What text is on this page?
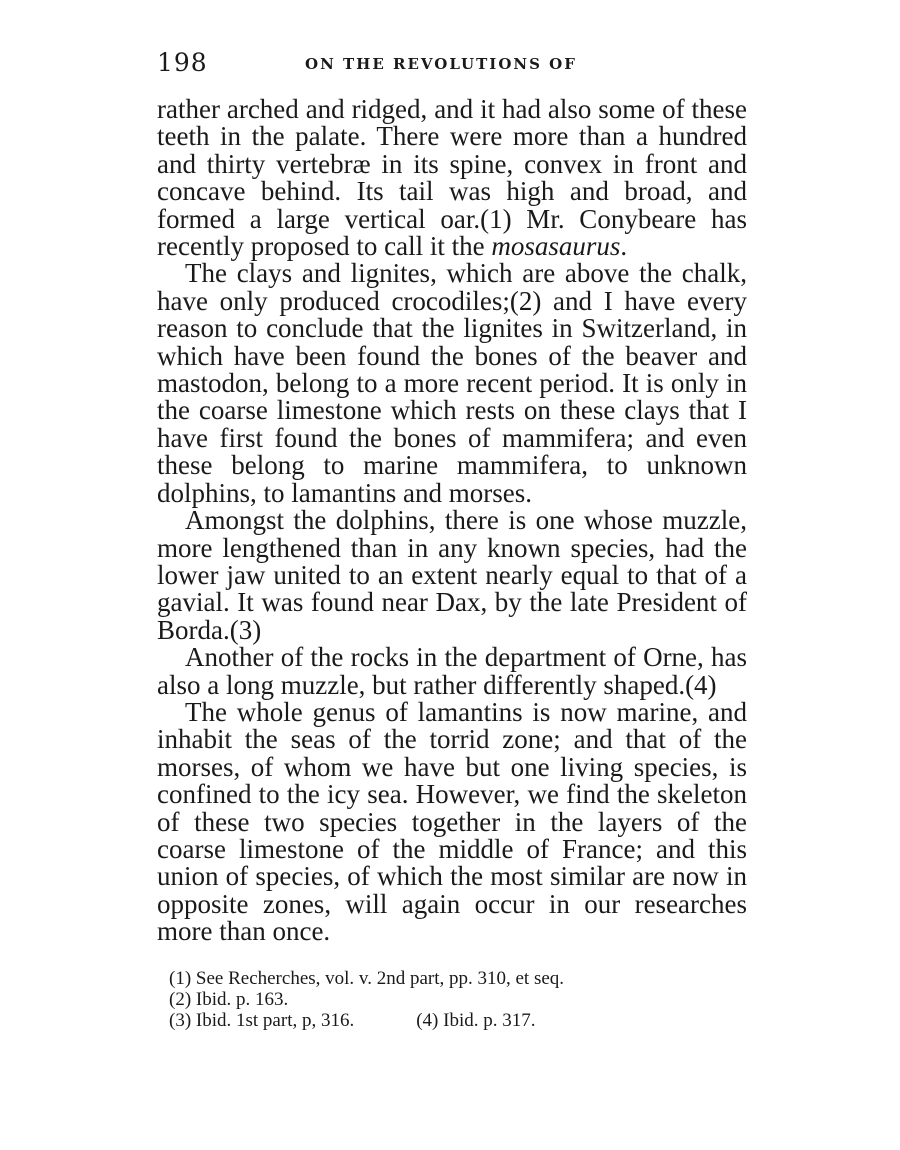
198	ON THE REVOLUTIONS OF

rather arched and ridged, and it had also some of these teeth in the palate. There were more than a hundred and thirty vertebræ in its spine, convex in front and concave behind. Its tail was high and broad, and formed a large vertical oar.(1) Mr. Conybeare has recently proposed to call it the mosasaurus.

The clays and lignites, which are above the chalk, have only produced crocodiles;(2) and I have every reason to conclude that the lignites in Switzerland, in which have been found the bones of the beaver and mastodon, belong to a more recent period. It is only in the coarse limestone which rests on these clays that I have first found the bones of mammifera; and even these belong to marine mammifera, to unknown dolphins, to lamantins and morses.

Amongst the dolphins, there is one whose muzzle, more lengthened than in any known species, had the lower jaw united to an extent nearly equal to that of a gavial. It was found near Dax, by the late President of Borda.(3)

Another of the rocks in the department of Orne, has also a long muzzle, but rather differently shaped.(4)

The whole genus of lamantins is now marine, and inhabit the seas of the torrid zone; and that of the morses, of whom we have but one living species, is confined to the icy sea. However, we find the skeleton of these two species together in the layers of the coarse limestone of the middle of France; and this union of species, of which the most similar are now in opposite zones, will again occur in our researches more than once.

(1) See Recherches, vol. v. 2nd part, pp. 310, et seq.
(2) Ibid. p. 163.
(3) Ibid. 1st part, p, 316.	(4) Ibid. p. 317.
